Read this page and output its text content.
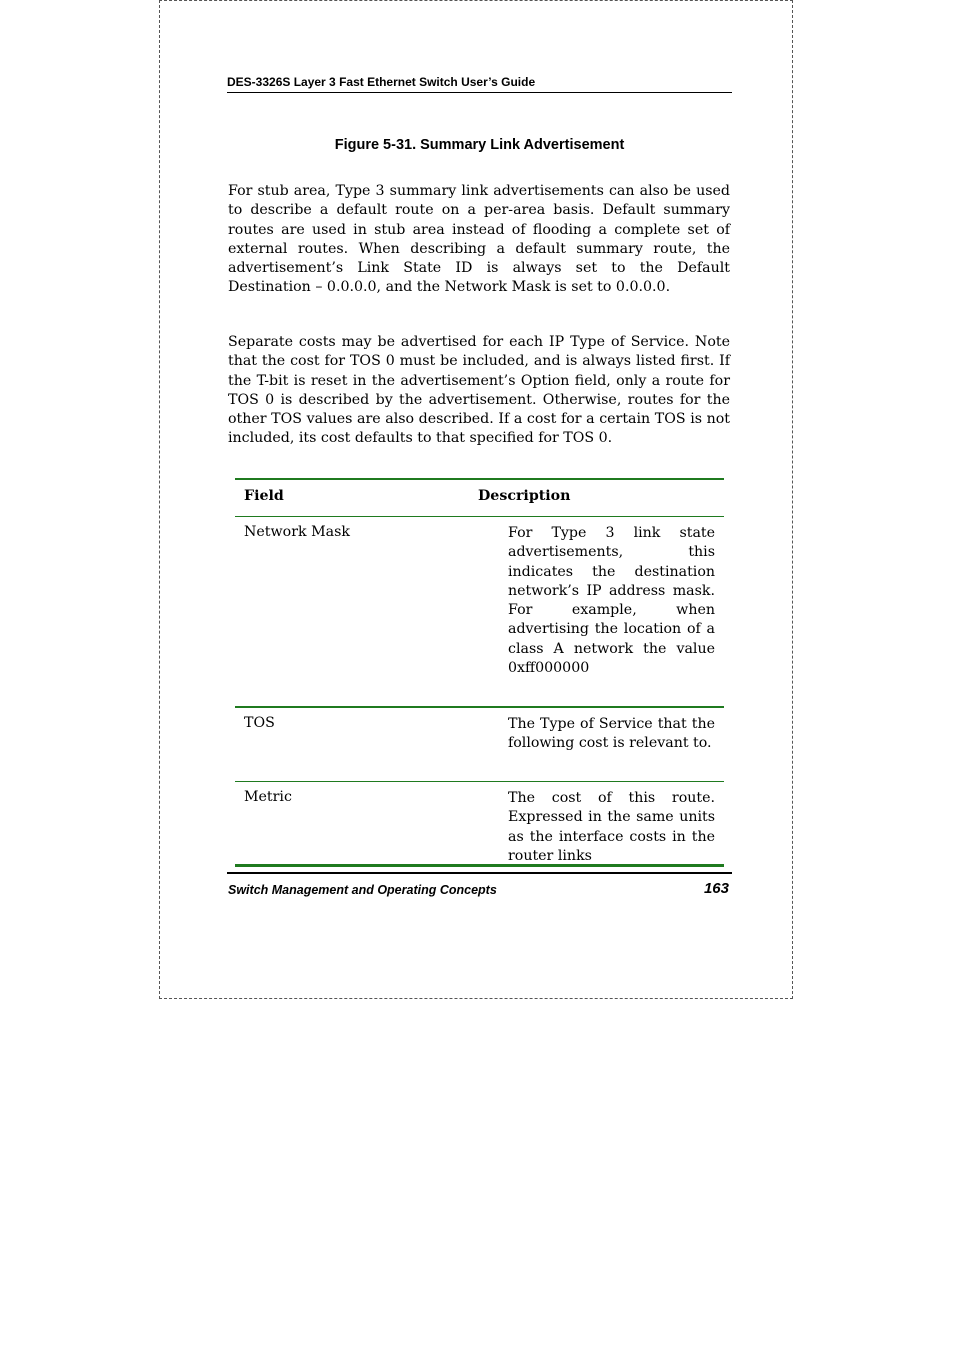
DES-3326S Layer 3 Fast Ethernet Switch User’s Guide
Figure 5-31. Summary Link Advertisement

For stub area, Type 3 summary link advertisements can also be used to describe a default route on a per-area basis. Default summary routes are used in stub area instead of flooding a complete set of external routes. When describing a default summary route, the advertisement’s Link State ID is always set to the Default Destination – 0.0.0.0, and the Network Mask is set to 0.0.0.0.

Separate costs may be advertised for each IP Type of Service. Note that the cost for TOS 0 must be included, and is always listed first. If the T-bit is reset in the advertisement’s Option field, only a route for TOS 0 is described by the advertisement. Otherwise, routes for the other TOS values are also described. If a cost for a certain TOS is not included, its cost defaults to that specified for TOS 0.

Field	Description
Network Mask	For Type 3 link state advertisements, this indicates the destination network’s IP address mask. For example, when advertising the location of a class A network the value 0xff000000
TOS	The Type of Service that the following cost is relevant to.
Metric	The cost of this route. Expressed in the same units as the interface costs in the router links
Switch Management and Operating Concepts	163
